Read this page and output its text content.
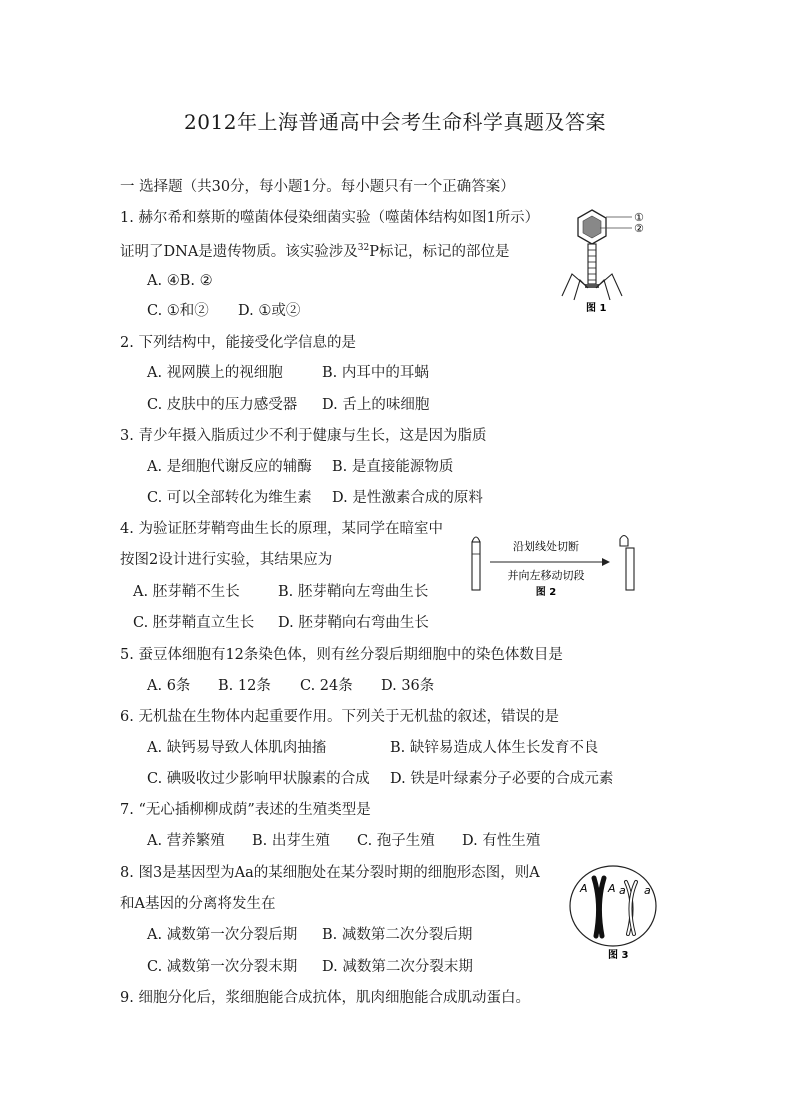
2012年上海普通高中会考生命科学真题及答案
一 选择题（共30分，每小题1分。每小题只有一个正确答案）
1. 赫尔希和蔡斯的噬菌体侵染细菌实验（噬菌体结构如图1所示）
证明了DNA是遗传物质。该实验涉及$^{32}$P标记，标记的部位是
A. ④B. ②
C. ①和② D. ①或②
①
②
图 1
2. 下列结构中，能接受化学信息的是
A. 视网膜上的视细胞	B. 内耳中的耳蜗
C. 皮肤中的压力感受器 D. 舌上的味细胞
3. 青少年摄入脂质过少不利于健康与生长，这是因为脂质
A. 是细胞代谢反应的辅酶 B. 是直接能源物质
C. 可以全部转化为维生素 D. 是性激素合成的原料
4. 为验证胚芽鞘弯曲生长的原理，某同学在暗室中
按图2设计进行实验，其结果应为
A. 胚芽鞘不生长	B. 胚芽鞘向左弯曲生长
C. 胚芽鞘直立生长 D. 胚芽鞘向右弯曲生长
沿划线处切断
并向左移动切段
图 2
5. 蚕豆体细胞有12条染色体，则有丝分裂后期细胞中的染色体数目是
A. 6条 B. 12条 C. 24条 D. 36条
6. 无机盐在生物体内起重要作用。下列关于无机盐的叙述，错误的是
A. 缺钙易导致人体肌肉抽搐	B. 缺锌易造成人体生长发育不良
C. 碘吸收过少影响甲状腺素的合成 D. 铁是叶绿素分子必要的合成元素
7. “无心插柳柳成荫”表述的生殖类型是
A. 营养繁殖 B. 出芽生殖 C. 孢子生殖 D. 有性生殖
8. 图3是基因型为Aa的某细胞处在某分裂时期的细胞形态图，则A
和A基因的分离将发生在
A. 减数第一次分裂后期 B. 减数第二次分裂后期
C. 减数第一次分裂末期 D. 减数第二次分裂末期
A A a a
图 3
9. 细胞分化后，浆细胞能合成抗体，肌肉细胞能合成肌动蛋白。
